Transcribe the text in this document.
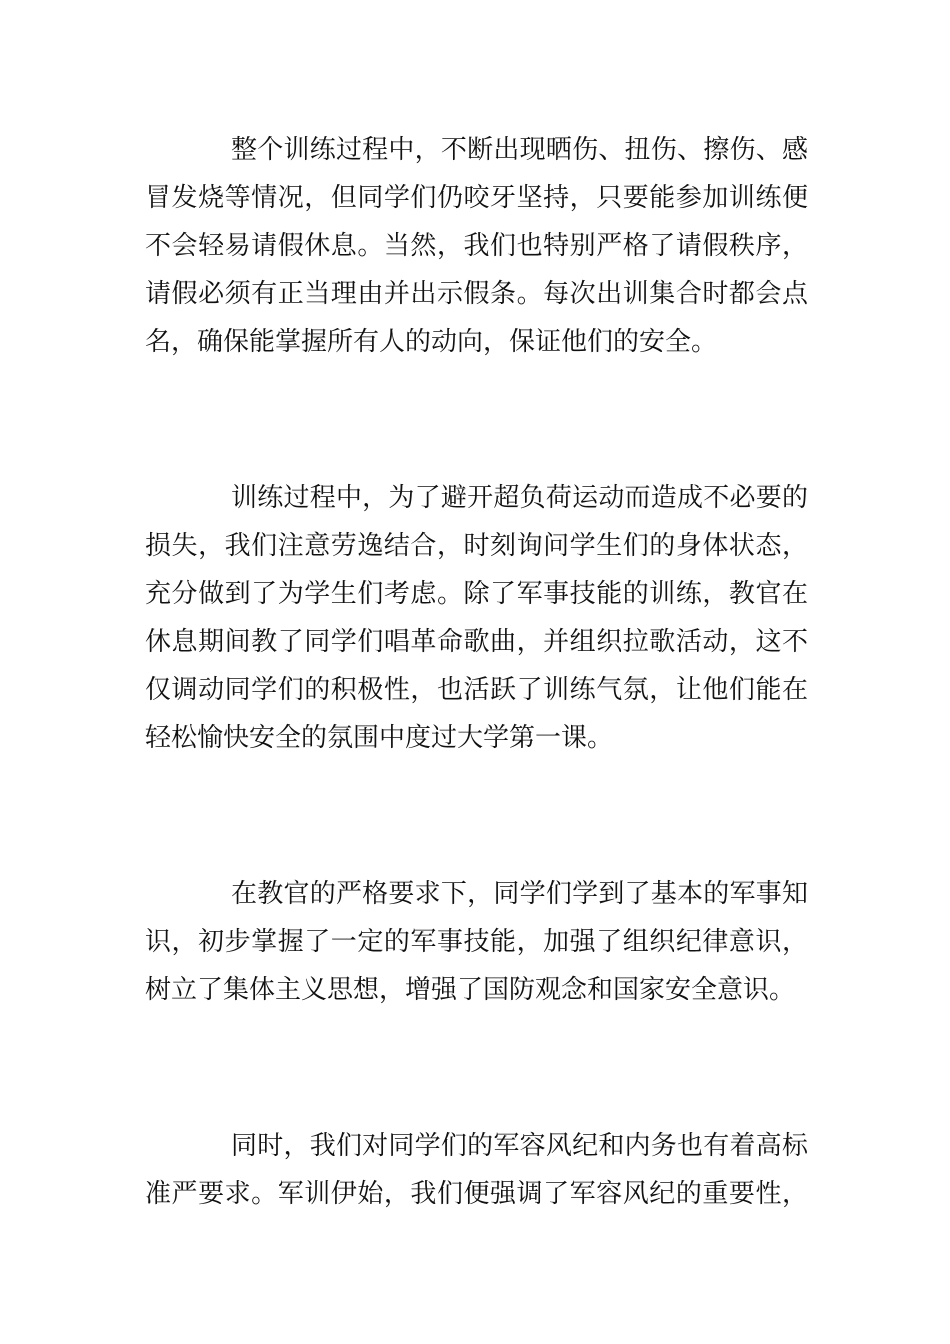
整个训练过程中，不断出现晒伤、扭伤、擦伤、感
冒发烧等情况，但同学们仍咬牙坚持，只要能参加训练便
不会轻易请假休息。当然，我们也特别严格了请假秩序，
请假必须有正当理由并出示假条。每次出训集合时都会点
名，确保能掌握所有人的动向，保证他们的安全。
训练过程中，为了避开超负荷运动而造成不必要的
损失，我们注意劳逸结合，时刻询问学生们的身体状态，
充分做到了为学生们考虑。除了军事技能的训练，教官在
休息期间教了同学们唱革命歌曲，并组织拉歌活动，这不
仅调动同学们的积极性，也活跃了训练气氛，让他们能在
轻松愉快安全的氛围中度过大学第一课。
在教官的严格要求下，同学们学到了基本的军事知
识，初步掌握了一定的军事技能，加强了组织纪律意识，
树立了集体主义思想，增强了国防观念和国家安全意识。
同时，我们对同学们的军容风纪和内务也有着高标
准严要求。军训伊始，我们便强调了军容风纪的重要性，
